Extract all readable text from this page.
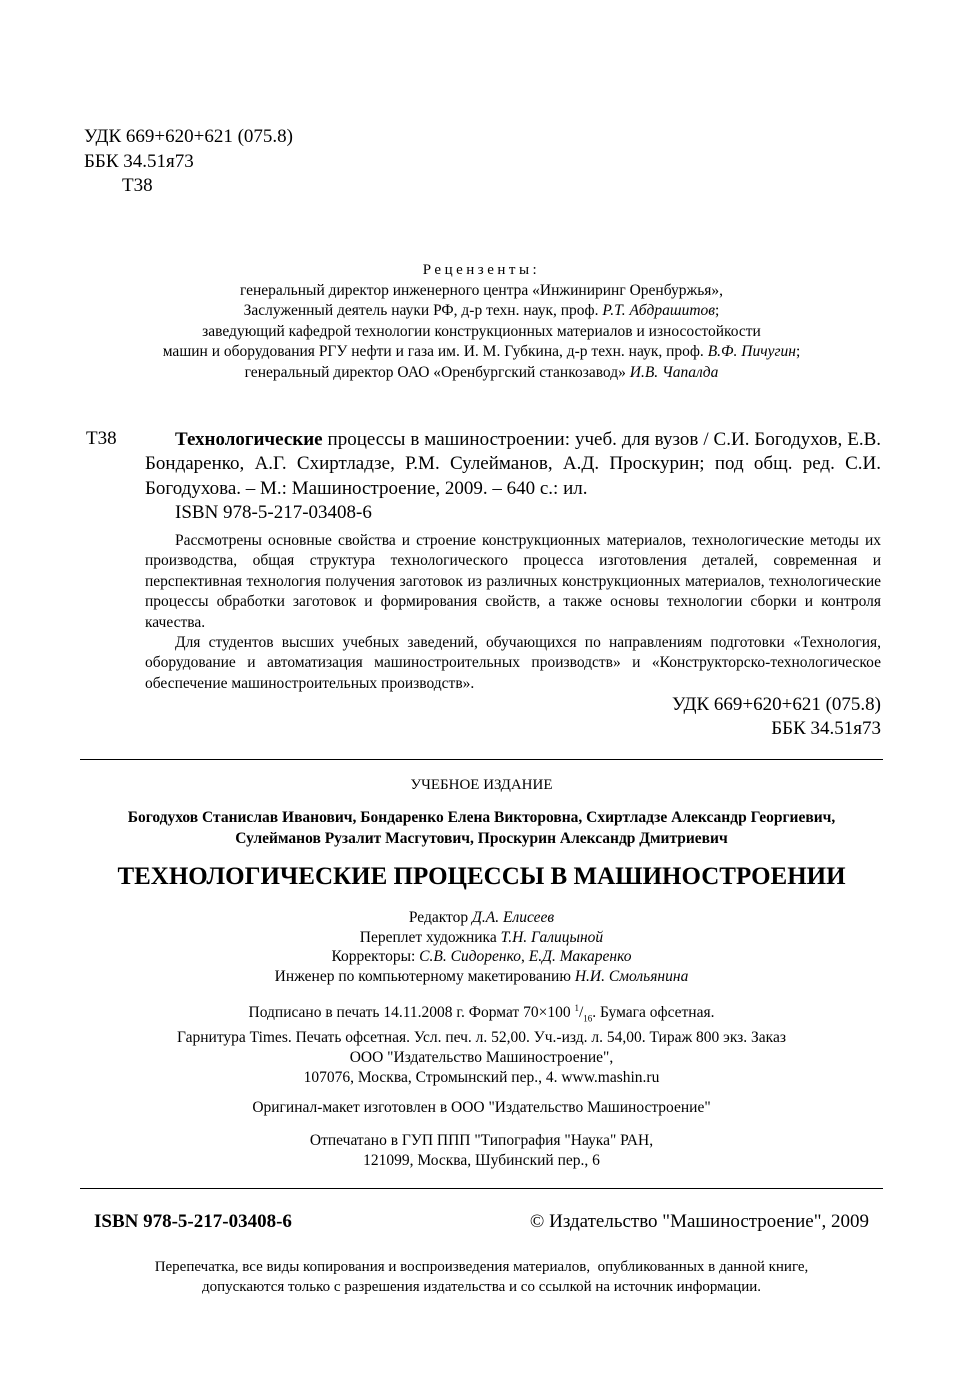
УДК 669+620+621 (075.8)
ББК 34.51я73
Т38
Рецензенты:
генеральный директор инженерного центра «Инжиниринг Оренбуржья»,
Заслуженный деятель науки РФ, д-р техн. наук, проф. Р.Т. Абдрашитов;
заведующий кафедрой технологии конструкционных материалов и износостойкости
машин и оборудования РГУ нефти и газа им. И. М. Губкина, д-р техн. наук, проф. В.Ф. Пичугин;
генеральный директор ОАО «Оренбургский станкозавод» И.В. Чапалда
Т38	Технологические процессы в машиностроении: учеб. для вузов / С.И. Богодухов, Е.В. Бондаренко, А.Г. Схиртладзе, Р.М. Сулейманов, А.Д. Проскурин; под общ. ред. С.И. Богодухова. – М.: Машиностроение, 2009. – 640 с.: ил.
ISBN 978-5-217-03408-6

Рассмотрены основные свойства и строение конструкционных материалов, технологические методы их производства, общая структура технологического процесса изготовления деталей, современная и перспективная технология получения заготовок из различных конструкционных материалов, технологические процессы обработки заготовок и формирования свойств, а также основы технологии сборки и контроля качества.

Для студентов высших учебных заведений, обучающихся по направлениям подготовки «Технология, оборудование и автоматизация машиностроительных производств» и «Конструкторско-технологическое обеспечение машиностроительных производств».

УДК 669+620+621 (075.8)
ББК 34.51я73
УЧЕБНОЕ ИЗДАНИЕ
Богодухов Станислав Иванович, Бондаренко Елена Викторовна, Схиртладзе Александр Георгиевич,
Сулейманов Рузалит Масгутович, Проскурин Александр Дмитриевич
ТЕХНОЛОГИЧЕСКИЕ ПРОЦЕССЫ В МАШИНОСТРОЕНИИ
Редактор Д.А. Елисеев
Переплет художника Т.Н. Галицыной
Корректоры: С.В. Сидоренко, Е.Д. Макаренко
Инженер по компьютерному макетированию Н.И. Смольянина
Подписано в печать 14.11.2008 г. Формат 70×100 $^1/_{16}$. Бумага офсетная.
Гарнитура Times. Печать офсетная. Усл. печ. л. 52,00. Уч.-изд. л. 54,00. Тираж 800 экз. Заказ
ООО "Издательство Машиностроение",
107076, Москва, Стромынский пер., 4. www.mashin.ru
Оригинал-макет изготовлен в ООО "Издательство Машиностроение"
Отпечатано в ГУП ППП "Типография "Наука" РАН,
121099, Москва, Шубинский пер., 6
ISBN 978-5-217-03408-6	© Издательство "Машиностроение", 2009
Перепечатка, все виды копирования и воспроизведения материалов,  опубликованных в данной книге,
допускаются только с разрешения издательства и со ссылкой на источник информации.
